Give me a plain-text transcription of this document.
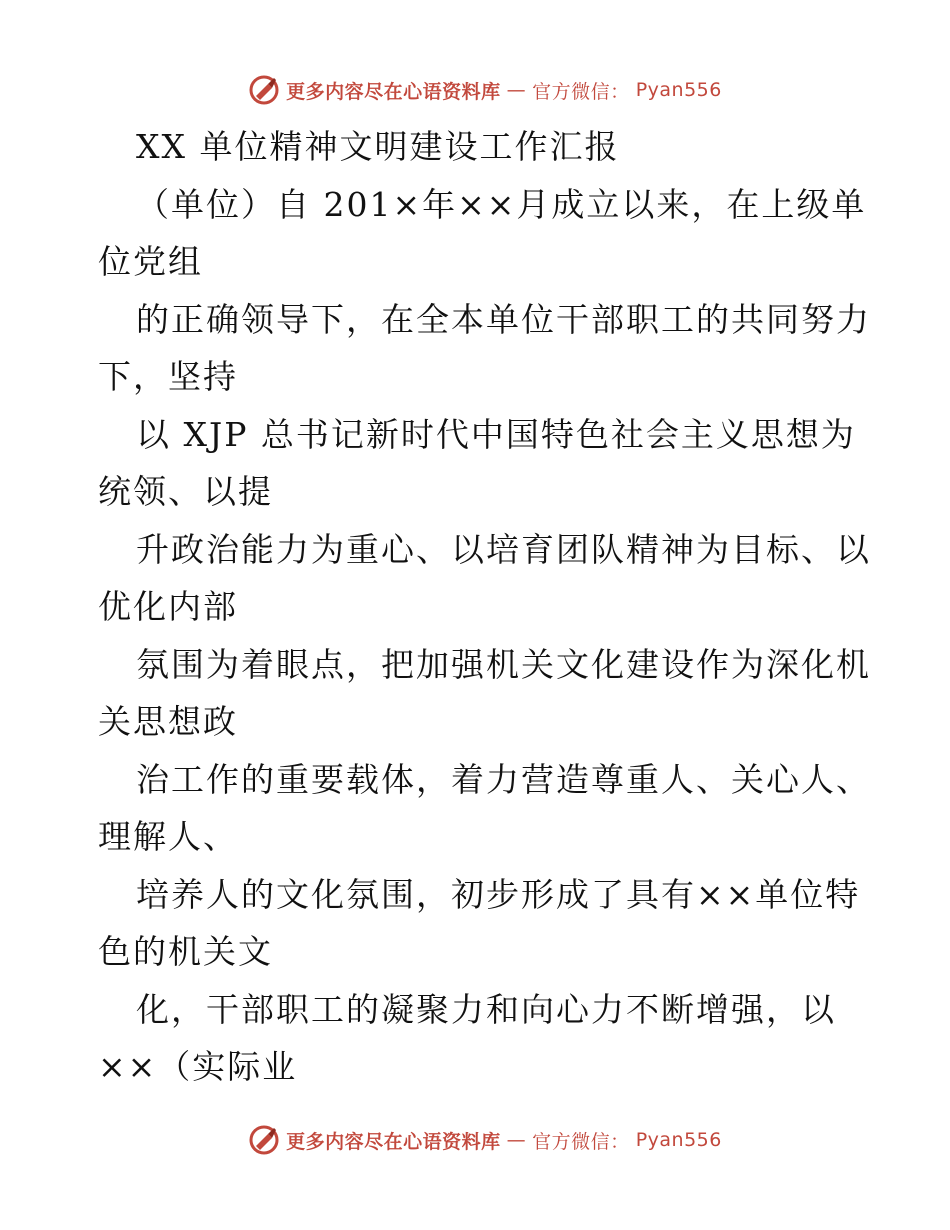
更多内容尽在心语资料库 — 官方微信： Pyan556
XX 单位精神文明建设工作汇报
（单位）自 201×年××月成立以来，在上级单
位党组
的正确领导下，在全本单位干部职工的共同努力
下，坚持
以 XJP 总书记新时代中国特色社会主义思想为
统领、以提
升政治能力为重心、以培育团队精神为目标、以
优化内部
氛围为着眼点，把加强机关文化建设作为深化机
关思想政
治工作的重要载体，着力营造尊重人、关心人、
理解人、
培养人的文化氛围，初步形成了具有××单位特
色的机关文
化，干部职工的凝聚力和向心力不断增强，以
××（实际业
更多内容尽在心语资料库 — 官方微信： Pyan556
